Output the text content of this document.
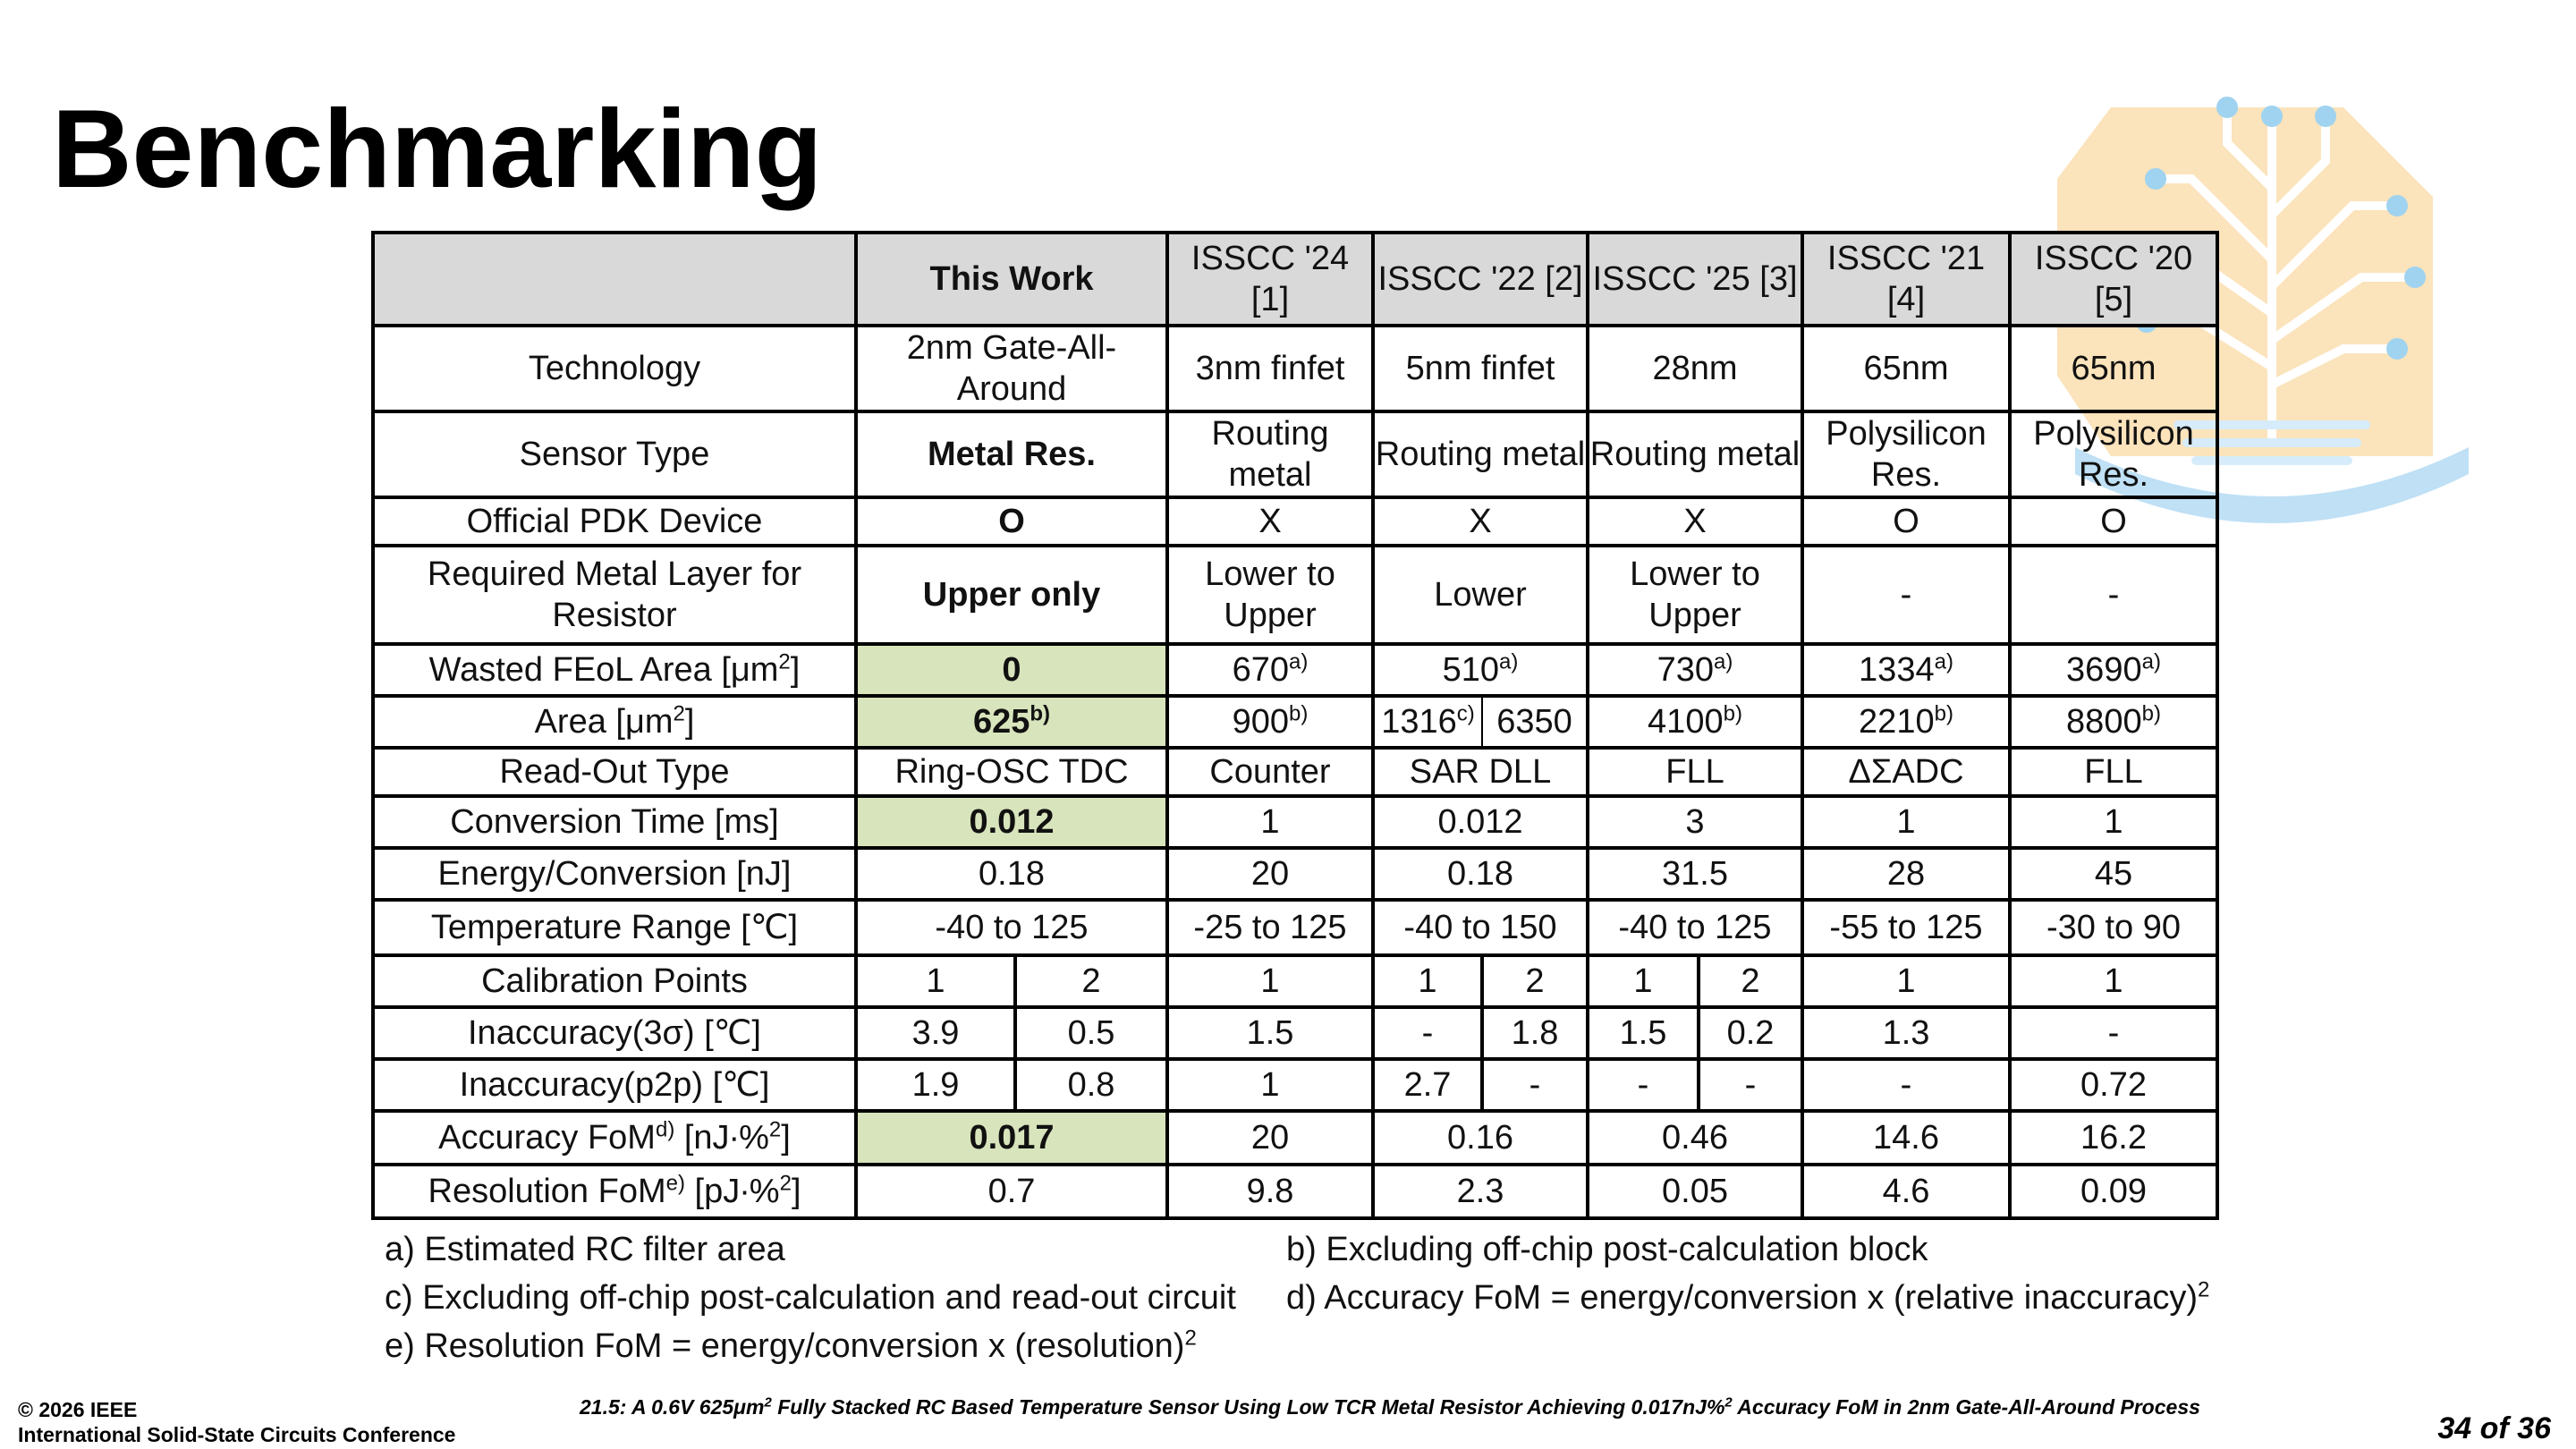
Benchmarking
	This Work		ISSCC '24 [1]	ISSCC '22 [2]		ISSCC '25 [3]		ISSCC '21 [4]	ISSCC '20 [5]
Technology	2nm Gate-All-Around		3nm finfet	5nm finfet		28nm		65nm	65nm
Sensor Type	Metal Res.		Routing metal	Routing metal		Routing metal		Polysilicon Res.	Polysilicon Res.
Official PDK Device	O		X	X		X		O	O
Required Metal Layer for Resistor	Upper only		Lower to Upper	Lower		Lower to Upper		-	-
Wasted FEoL Area $[\mu m^2]$	0		670$^{a)}$	510$^{a)}$		730$^{a)}$		1334$^{a)}$	3690$^{a)}$
Area $[\mu m^2]$	625$^{b)}$		900$^{b)}$	1316$^{c)}$	6350	4100$^{b)}$		2210$^{b)}$	8800$^{b)}$
Read-Out Type	Ring-OSC TDC		Counter	SAR DLL		FLL		ΔΣADC	FLL
Conversion Time [ms]	0.012		1	0.012		3		1	1
Energy/Conversion [nJ]	0.18		20	0.18		31.5		28	45
Temperature Range [℃]	-40 to 125		-25 to 125	-40 to 150		-40 to 125		-55 to 125	-30 to 90
Calibration Points	1	2	1	1	2	1	2	1	1
Inaccuracy(3σ) [℃]	3.9	0.5	1.5	-	1.8	1.5	0.2	1.3	-
Inaccuracy(p2p) [℃]	1.9	0.8	1	2.7	-	-	-	-	0.72
Accuracy FoM$^{d)}$ [nJ∙%$^2$]	0.017		20	0.16		0.46		14.6	16.2
Resolution FoM$^{e)}$ [pJ∙%$^2$]	0.7		9.8	2.3		0.05		4.6	0.09
a) Estimated RC filter area	b) Excluding off-chip post-calculation block
c) Excluding off-chip post-calculation and read-out circuit d) Accuracy FoM = energy/conversion x (relative inaccuracy)$^2$
e) Resolution FoM = energy/conversion x (resolution)$^2$
© 2026 IEEE
International Solid-State Circuits Conference
21.5: A 0.6V $625\mu m^2$ Fully Stacked RC Based Temperature Sensor Using Low TCR Metal Resistor Achieving 0.017nJ%$^2$ Accuracy FoM in 2nm Gate-All-Around Process
34 of 36
